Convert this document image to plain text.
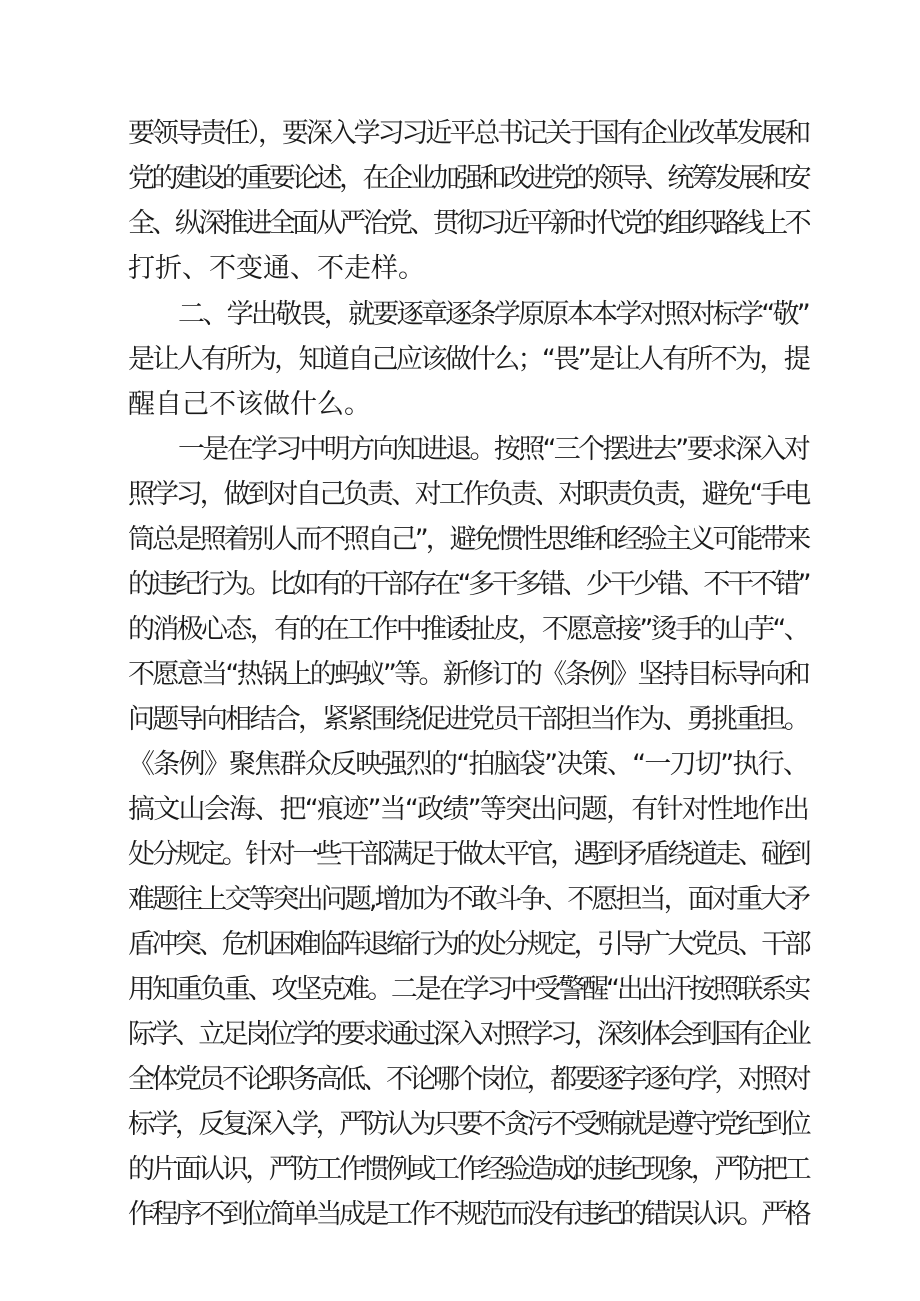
要领导责任），要深入学习习近平总书记关于国有企业改革发展和
党的建设的重要论述，在企业加强和改进党的领导、统筹发展和安
全、纵深推进全面从严治党、贯彻习近平新时代党的组织路线上不
打折、不变通、不走样。
二、学出敬畏，就要逐章逐条学原原本本学对照对标学“敬”
是让人有所为，知道自己应该做什么；“畏”是让人有所不为，提
醒自己不该做什么。
一是在学习中明方向知进退。按照“三个摆进去”要求深入对
照学习，做到对自己负责、对工作负责、对职责负责，避免“手电
筒总是照着别人而不照自己”，避免惯性思维和经验主义可能带来
的违纪行为。比如有的干部存在“多干多错、少干少错、不干不错”
的消极心态，有的在工作中推诿扯皮，不愿意接”烫手的山芋“、
不愿意当“热锅上的蚂蚁”等。新修订的《条例》坚持目标导向和
问题导向相结合，紧紧围绕促进党员干部担当作为、勇挑重担。
《条例》聚焦群众反映强烈的“拍脑袋”决策、“一刀切”执行、
搞文山会海、把“痕迹”当“政绩”等突出问题，有针对性地作出
处分规定。针对一些干部满足于做太平官，遇到矛盾绕道走、碰到
难题往上交等突出问题,增加为不敢斗争、不愿担当，面对重大矛
盾冲突、危机困难临阵退缩行为的处分规定，引导广大党员、干部
用知重负重、攻坚克难。二是在学习中受警醒“出出汗按照联系实
际学、立足岗位学的要求通过深入对照学习，深刻体会到国有企业
全体党员不论职务高低、不论哪个岗位，都要逐字逐句学，对照对
标学，反复深入学，严防认为只要不贪污不受贿就是遵守党纪到位
的片面认识，严防工作惯例或工作经验造成的违纪现象，严防把工
作程序不到位简单当成是工作不规范而没有违纪的错误认识。严格
